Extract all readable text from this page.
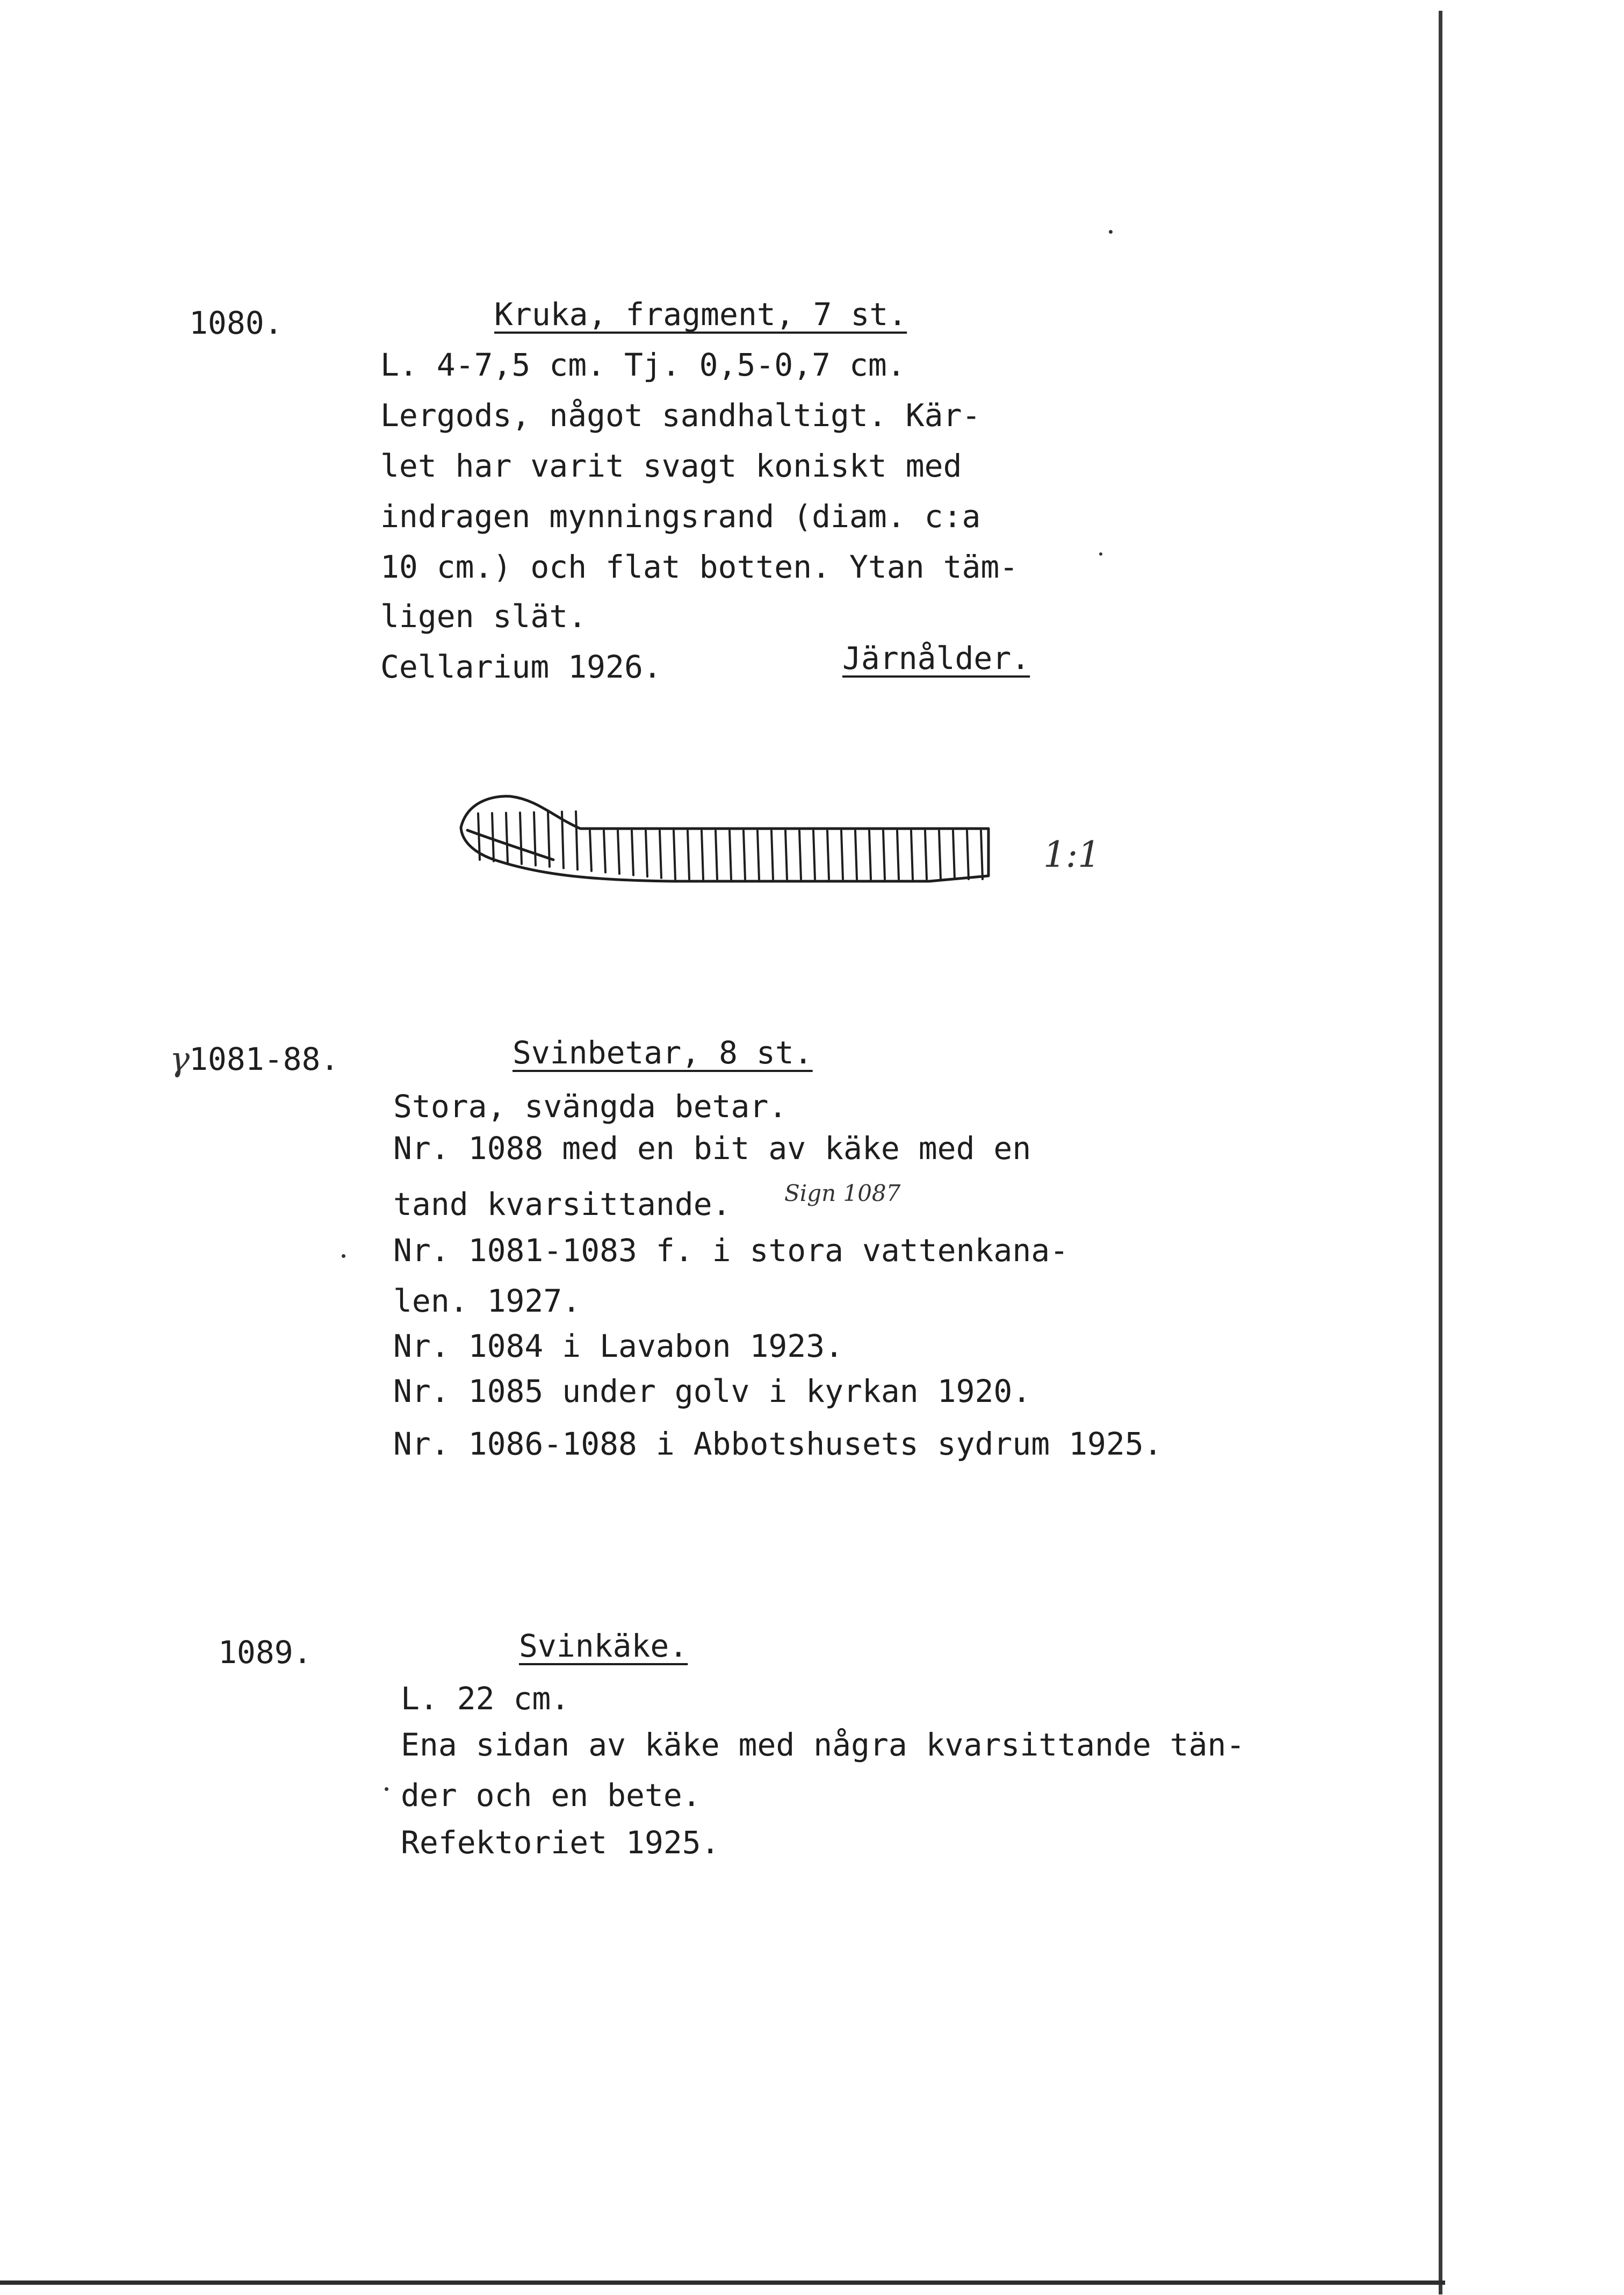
1080.	Kruka, fragment, 7 st.
L. 4-7,5 cm. Tj. 0,5-0,7 cm.
Lergods, något sandhaltigt. Kär-
let har varit svagt koniskt med
indragen mynningsrand (diam. c:a
10 cm.) och flat botten. Ytan täm-
ligen slät.
Cellarium 1926.	Järnålder.
1:1
γ
1081-88.	Svinbetar, 8 st.
Stora, svängda betar.
Nr. 1088 med en bit av käke med en
tand kvarsittande. Sign 1087
Nr. 1081-1083 f. i stora vattenkana-
len. 1927.
Nr. 1084 i Lavabon 1923.
Nr. 1085 under golv i kyrkan 1920.
Nr. 1086-1088 i Abbotshusets sydrum 1925.
1089.	Svinkäke.
L. 22 cm.
Ena sidan av käke med några kvarsittande tän-
der och en bete.
Refektoriet 1925.
